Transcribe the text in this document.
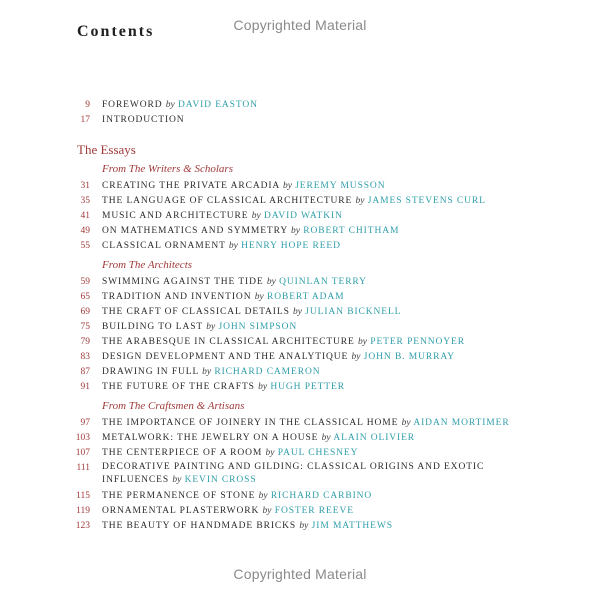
Copyrighted Material
Contents
9 FOREWORD by DAVID EASTON
17 INTRODUCTION
The Essays
From The Writers & Scholars
31 CREATING THE PRIVATE ARCADIA by JEREMY MUSSON
35 THE LANGUAGE OF CLASSICAL ARCHITECTURE by JAMES STEVENS CURL
41 MUSIC AND ARCHITECTURE by DAVID WATKIN
49 ON MATHEMATICS AND SYMMETRY by ROBERT CHITHAM
55 CLASSICAL ORNAMENT by HENRY HOPE REED
From The Architects
59 SWIMMING AGAINST THE TIDE by QUINLAN TERRY
65 TRADITION AND INVENTION by ROBERT ADAM
69 THE CRAFT OF CLASSICAL DETAILS by JULIAN BICKNELL
75 BUILDING TO LAST by JOHN SIMPSON
79 THE ARABESQUE IN CLASSICAL ARCHITECTURE by PETER PENNOYER
83 DESIGN DEVELOPMENT AND THE ANALYTIQUE by JOHN B. MURRAY
87 DRAWING IN FULL by RICHARD CAMERON
91 THE FUTURE OF THE CRAFTS by HUGH PETTER
From The Craftsmen & Artisans
97 THE IMPORTANCE OF JOINERY IN THE CLASSICAL HOME by AIDAN MORTIMER
103 METALWORK: THE JEWELRY ON A HOUSE by ALAIN OLIVIER
107 THE CENTERPIECE OF A ROOM by PAUL CHESNEY
111 DECORATIVE PAINTING AND GILDING: CLASSICAL ORIGINS AND EXOTIC INFLUENCES by KEVIN CROSS
115 THE PERMANENCE OF STONE by RICHARD CARBINO
119 ORNAMENTAL PLASTERWORK by FOSTER REEVE
123 THE BEAUTY OF HANDMADE BRICKS by JIM MATTHEWS
Copyrighted Material
